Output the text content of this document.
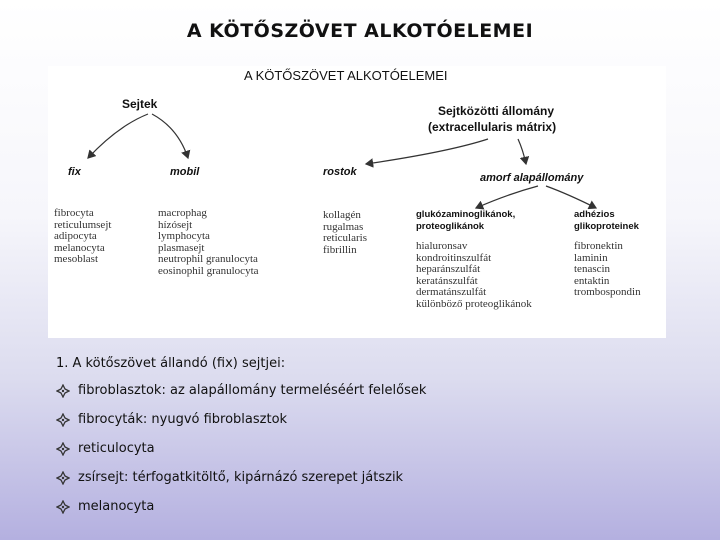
A KÖTŐSZÖVET ALKOTÓELEMEI
A KÖTŐSZÖVET ALKOTÓELEMEI
Sejtek	Sejtközötti állomány
(extracellularis mátrix)
fix	mobil	rostok	amorf alapállomány
fibrocyta
reticulumsejt
adipocyta
melanocyta
mesoblast
macrophag
hízósejt
lymphocyta
plasmasejt
neutrophil granulocyta
eosinophil granulocyta
kollagén
rugalmas
reticularis
fibrillin
glukózaminoglikánok,
proteoglikánok
hialuronsav
kondroitinszulfát
heparánszulfát
keratánszulfát
dermatánszulfát
különböző proteoglikánok
adhézios
glikoproteinek
fibronektin
laminin
tenascin
entaktin
trombospondin
1. A kötőszövet állandó (fix) sejtjei:
fibroblasztok: az alapállomány termeléséért felelősek
fibrocyták: nyugvó fibroblasztok
reticulocyta
zsírsejt: térfogatkitöltő, kipárnázó szerepet játszik
melanocyta
